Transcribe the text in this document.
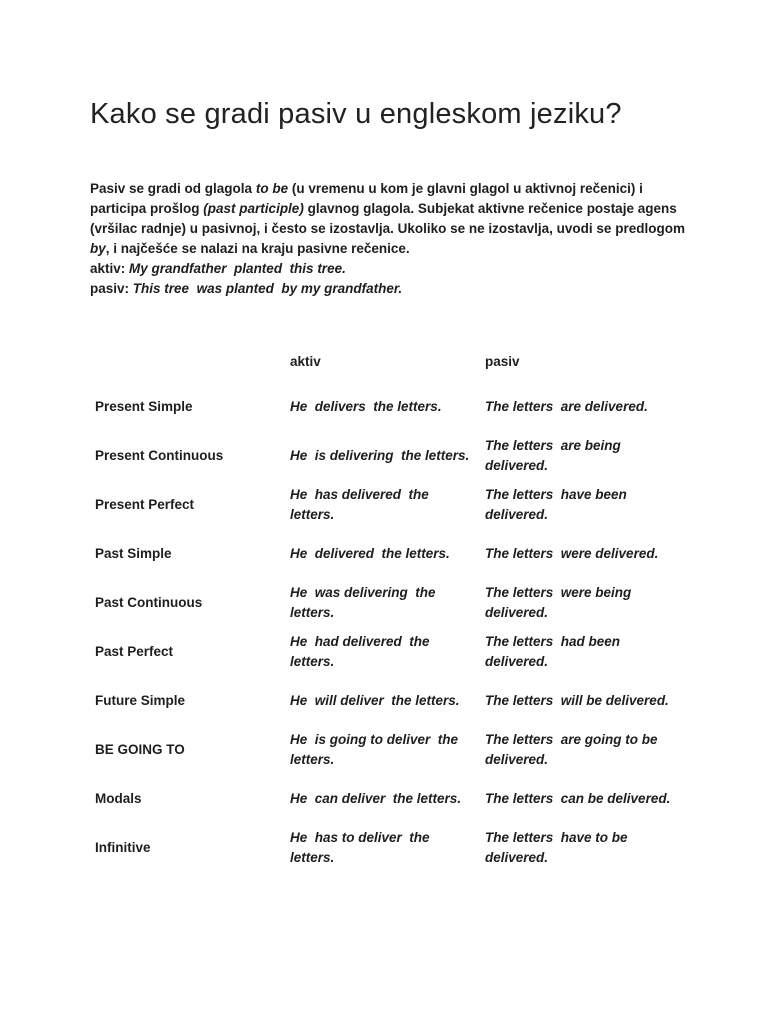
Kako se gradi pasiv u engleskom jeziku?

Pasiv se gradi od glagola to be (u vremenu u kom je glavni glagol u aktivnoj rečenici) i participa prošlog (past participle) glavnog glagola. Subjekat aktivne rečenice postaje agens (vršilac radnje) u pasivnoj, i često se izostavlja. Ukoliko se ne izostavlja, uvodi se predlogom by, i najčešće se nalazi na kraju pasivne rečenice.

aktiv: My grandfather  planted  this tree.

pasiv: This tree  was planted  by my grandfather.

	aktiv	pasiv
Present Simple	He  delivers  the letters.	The letters  are delivered.
Present Continuous	He  is delivering  the letters.	The letters  are being delivered.
Present Perfect	He  has delivered  the letters.	The letters  have been delivered.
Past Simple	He  delivered  the letters.	The letters  were delivered.
Past Continuous	He  was delivering  the letters.	The letters  were being delivered.
Past Perfect	He  had delivered  the letters.	The letters  had been delivered.
Future Simple	He  will deliver  the letters.	The letters  will be delivered.
BE GOING TO	He  is going to deliver  the letters.	The letters  are going to be delivered.
Modals	He  can deliver  the letters.	The letters  can be delivered.
Infinitive	He  has to deliver  the letters.	The letters  have to be delivered.
